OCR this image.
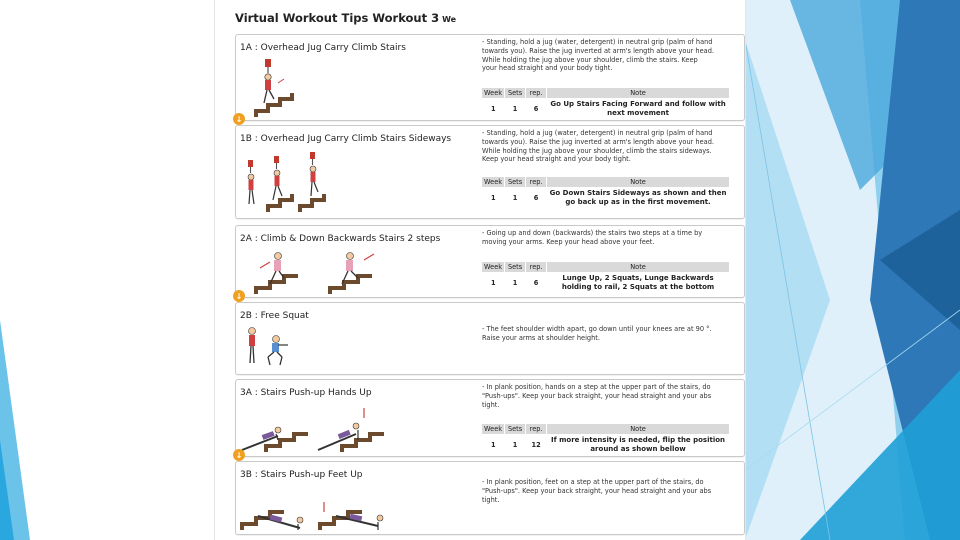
Virtual Workout Tips Workout 3 We
1A : Overhead Jug Carry Climb Stairs
- Standing, hold a jug (water, detergent) in neutral grip (palm of hand towards you). Raise the jug inverted at arm's length above your head. While holding the jug above your shoulder, climb the stairs. Keep your head straight and your body tight.
Week	Sets	rep.	Note
1	1	6	Go Up Stairs Facing Forward and follow with next movement
↓
1B : Overhead Jug Carry Climb Stairs Sideways
- Standing, hold a jug (water, detergent) in neutral grip (palm of hand towards you). Raise the jug inverted at arm's length above your head. While holding the jug above your shoulder, climb the stairs sideways. Keep your head straight and your body tight.
Week	Sets	rep.	Note
1	1	6	Go Down Stairs Sideways as shown and then go back up as in the first movement.
2A : Climb & Down Backwards Stairs 2 steps
- Going up and down (backwards) the stairs two steps at a time by moving your arms. Keep your head above your feet.
Week	Sets	rep.	Note
1	1	6	Lunge Up, 2 Squats, Lunge Backwards holding to rail, 2 Squats at the bottom
↓
2B : Free Squat
- The feet shoulder width apart, go down until your knees are at 90 °. Raise your arms at shoulder height.
3A : Stairs Push-up Hands Up
- In plank position, hands on a step at the upper part of the stairs, do "Push-ups". Keep your back straight, your head straight and your abs tight.
Week	Sets	rep.	Note
1	1	12	If more intensity is needed, flip the position around as shown bellow
↓
3B : Stairs Push-up Feet Up
- In plank position, feet on a step at the upper part of the stairs, do "Push-ups". Keep your back straight, your head straight and your abs tight.
